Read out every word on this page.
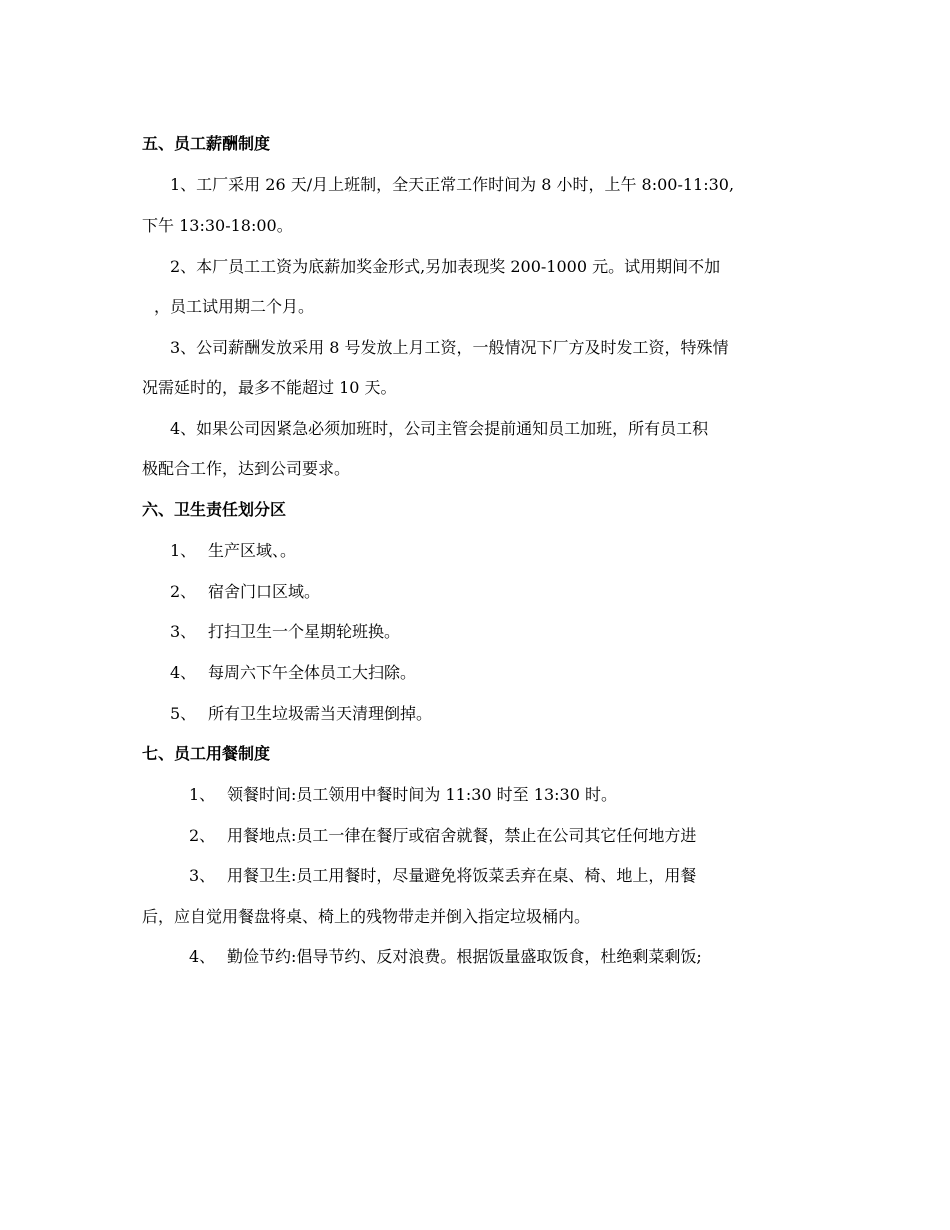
五、员工薪酬制度
1、工厂采用 26 天/月上班制，全天正常工作时间为 8 小时，上午 8:00-11:30,
下午 13:30-18:00。
2、本厂员工工资为底薪加奖金形式,另加表现奖 200-1000 元。试用期间不加
，员工试用期二个月。
3、公司薪酬发放采用 8 号发放上月工资，一般情况下厂方及时发工资，特殊情
况需延时的，最多不能超过 10 天。
4、如果公司因紧急必须加班时，公司主管会提前通知员工加班，所有员工积
极配合工作，达到公司要求。
六、卫生责任划分区
1、 生产区域、。
2、 宿舍门口区域。
3、 打扫卫生一个星期轮班换。
4、 每周六下午全体员工大扫除。
5、 所有卫生垃圾需当天清理倒掉。
七、员工用餐制度
1、 领餐时间:员工领用中餐时间为 11:30 时至 13:30 时。
2、 用餐地点:员工一律在餐厅或宿舍就餐，禁止在公司其它任何地方进
3、 用餐卫生:员工用餐时，尽量避免将饭菜丢弃在桌、椅、地上，用餐
后，应自觉用餐盘将桌、椅上的残物带走并倒入指定垃圾桶内。
4、 勤俭节约:倡导节约、反对浪费。根据饭量盛取饭食，杜绝剩菜剩饭;
